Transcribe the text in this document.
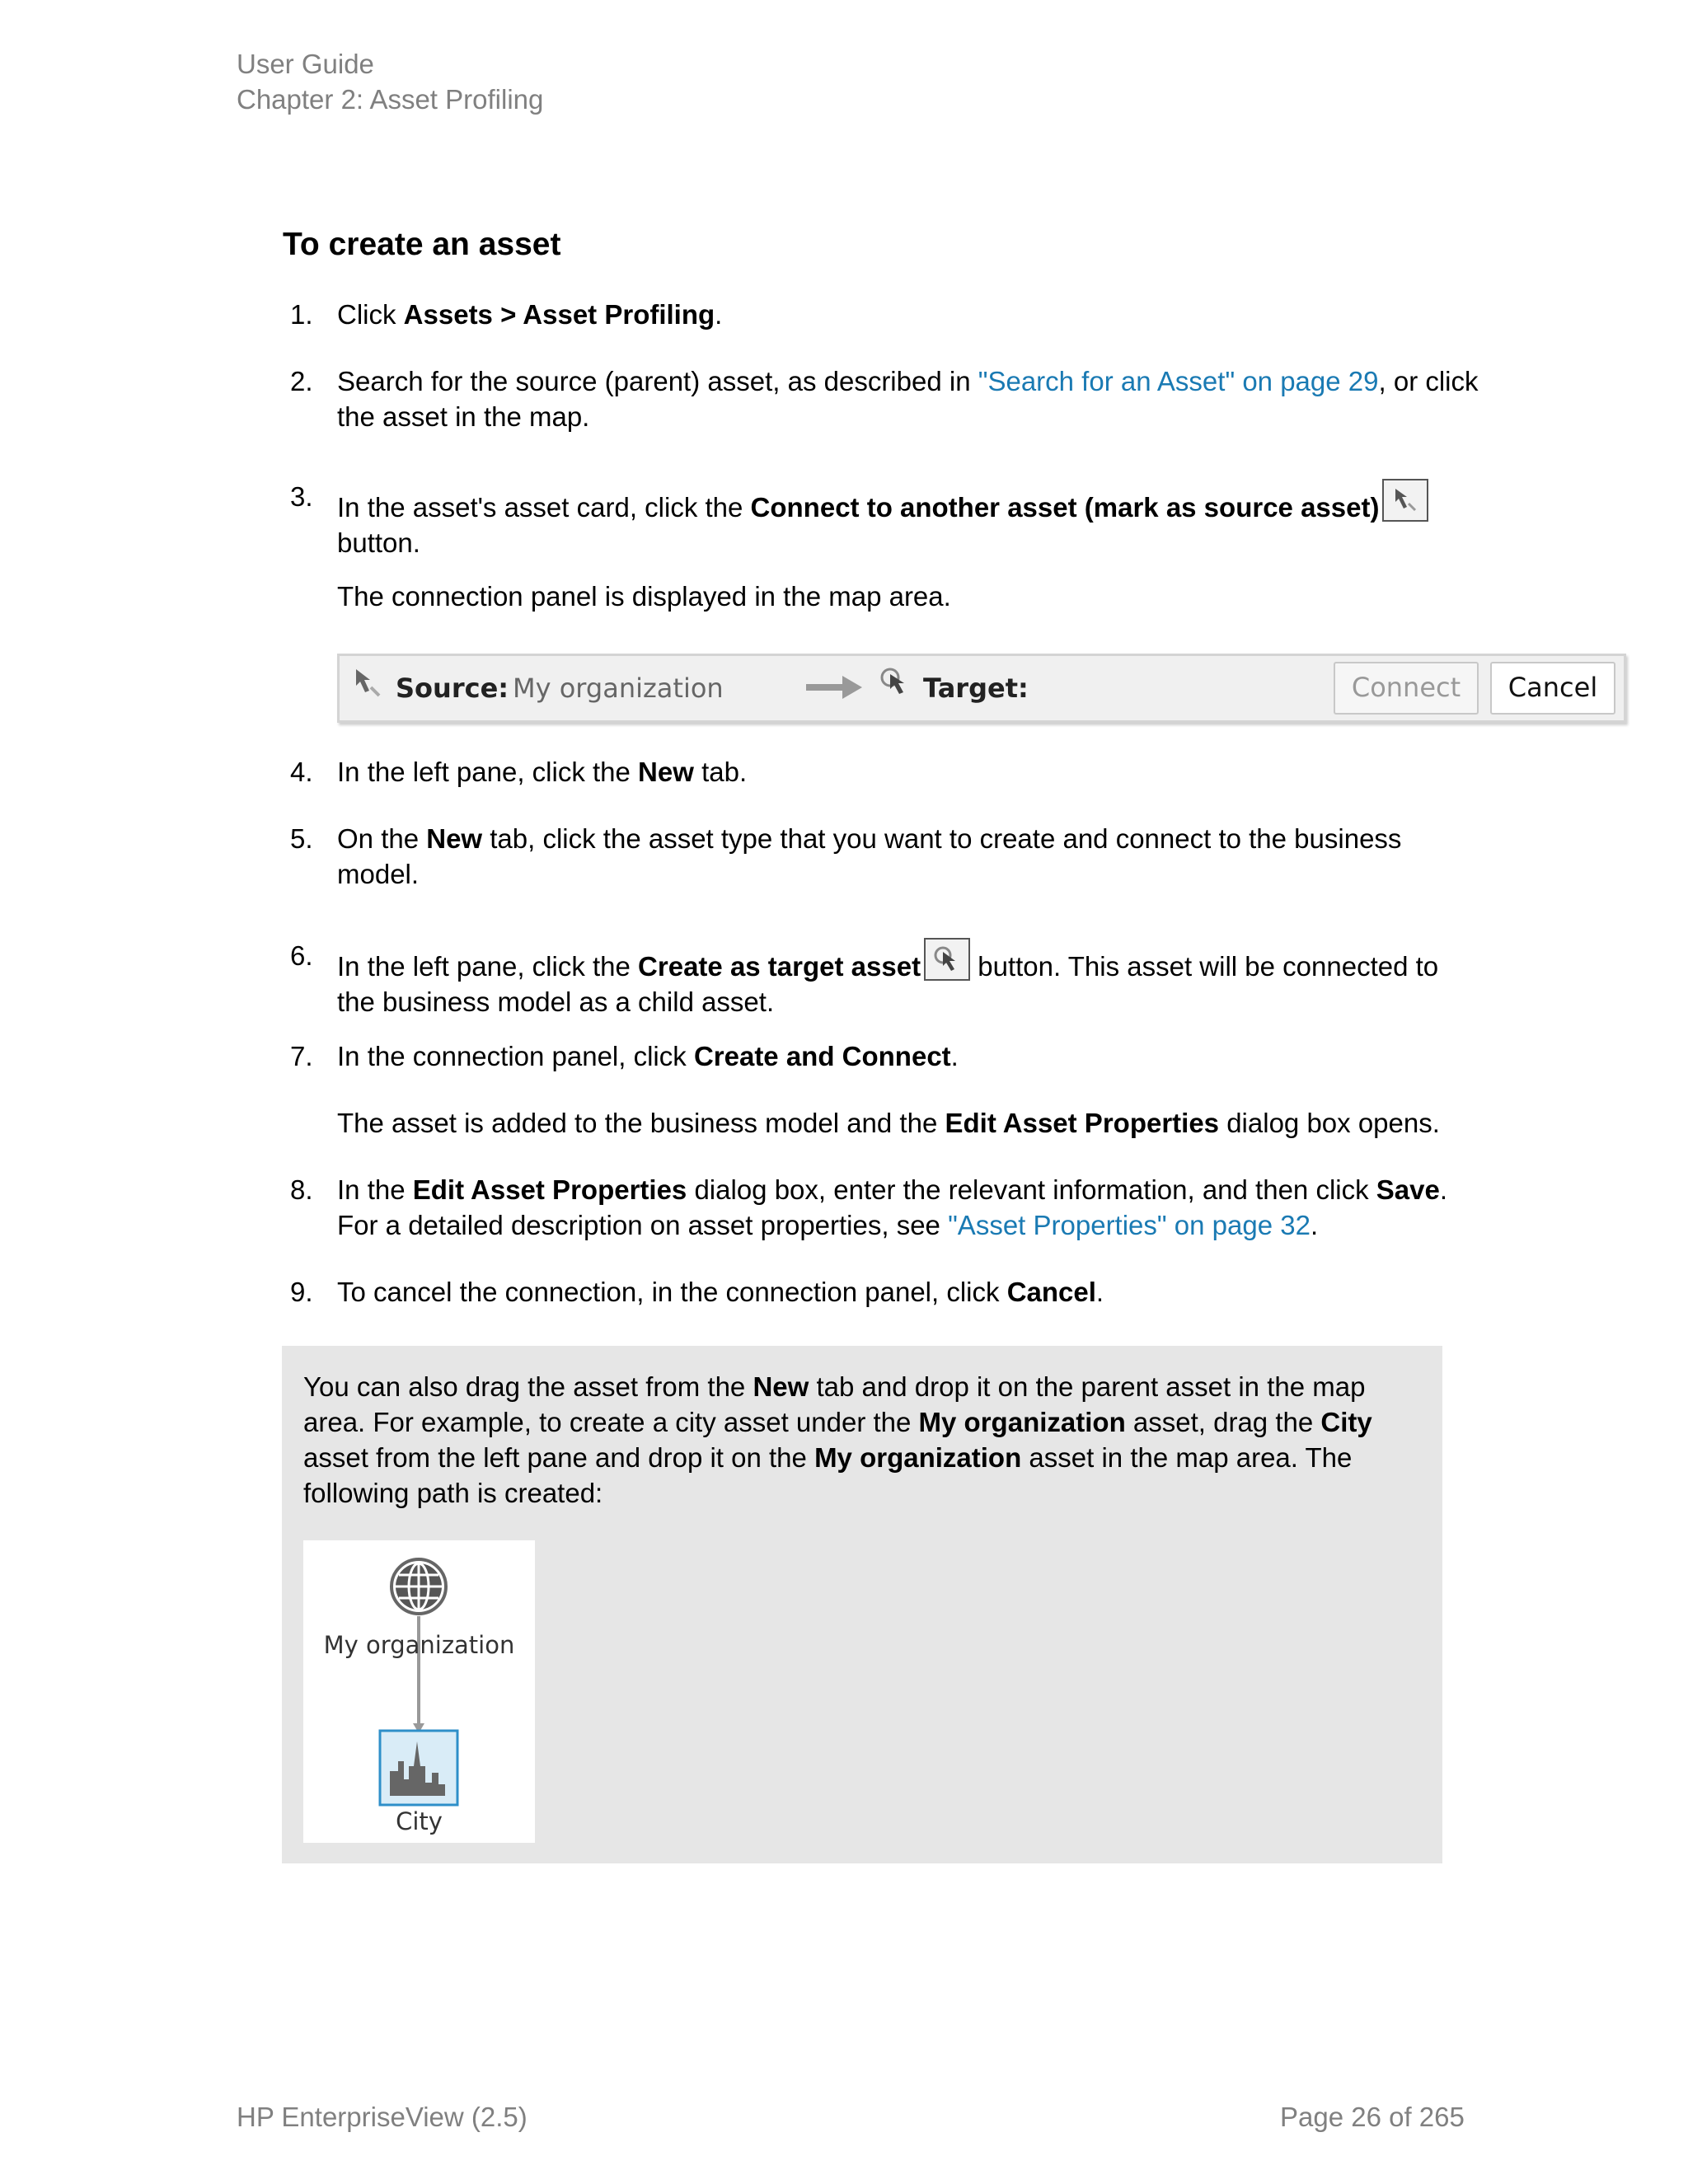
User Guide
Chapter 2: Asset Profiling
To create an asset
1. Click Assets > Asset Profiling.
2. Search for the source (parent) asset, as described in "Search for an Asset" on page 29, or click the asset in the map.
3. In the asset's asset card, click the Connect to another asset (mark as source asset)

button.
The connection panel is displayed in the map area.
Source: My organization	Target:	Connect	Cancel
4. In the left pane, click the New tab.
5. On the New tab, click the asset type that you want to create and connect to the business model.
6. In the left pane, click the Create as target asset
button. This asset will be connected to the business model as a child asset.
7. In the connection panel, click Create and Connect.
The asset is added to the business model and the Edit Asset Properties dialog box opens.
8. In the Edit Asset Properties dialog box, enter the relevant information, and then click Save. For a detailed description on asset properties, see "Asset Properties" on page 32.
9. To cancel the connection, in the connection panel, click Cancel.
You can also drag the asset from the New tab and drop it on the parent asset in the map area. For example, to create a city asset under the My organization asset, drag the City asset from the left pane and drop it on the My organization asset in the map area. The following path is created:
My organization
City
HP EnterpriseView (2.5)	Page 26 of 265
